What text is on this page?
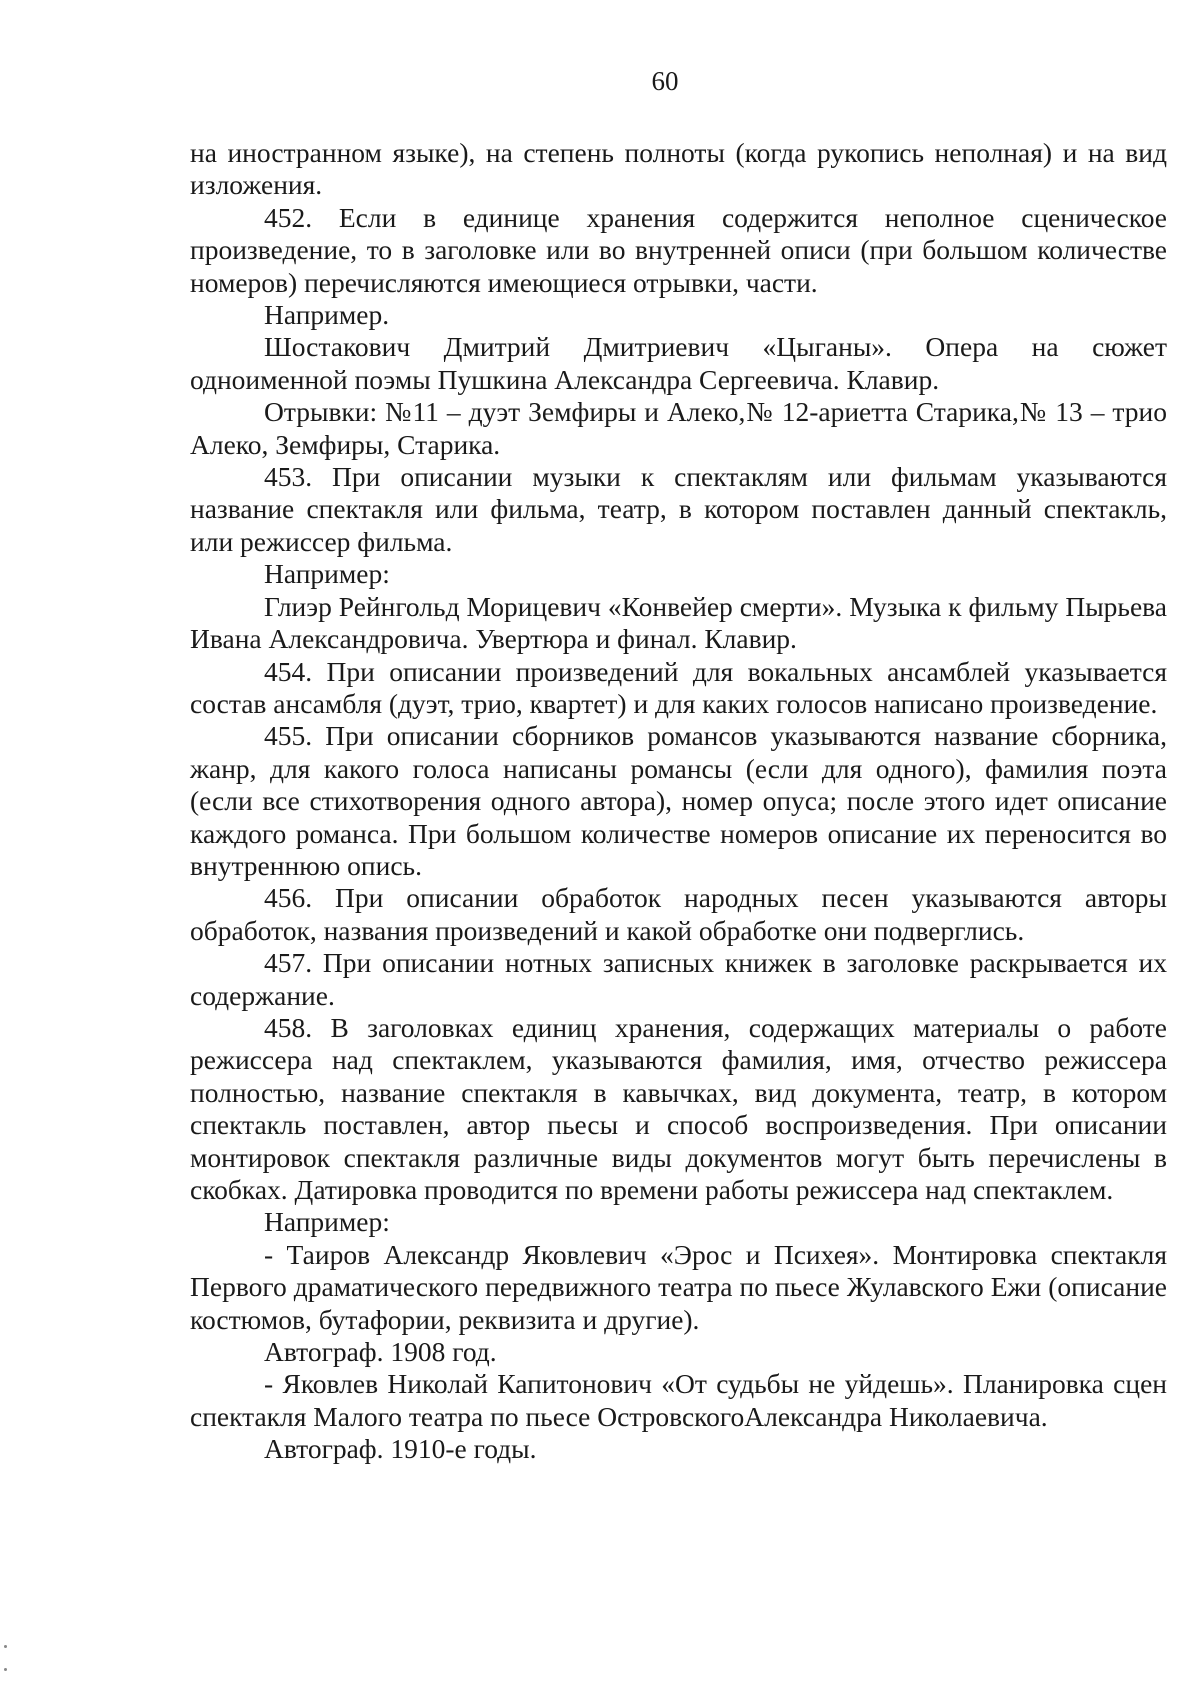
60

на иностранном языке), на степень полноты (когда рукопись неполная) и на вид изложения.

452. Если в единице хранения содержится неполное сценическое произведение, то в заголовке или во внутренней описи (при большом количестве номеров) перечисляются имеющиеся отрывки, части.

Например.

Шостакович Дмитрий Дмитриевич «Цыганы». Опера на сюжет одноименной поэмы Пушкина Александра Сергеевича. Клавир.

Отрывки: №11 – дуэт Земфиры и Алеко,№ 12-ариетта Старика,№ 13 – трио Алеко, Земфиры, Старика.

453. При описании музыки к спектаклям или фильмам указываются название спектакля или фильма, театр, в котором поставлен данный спектакль, или режиссер фильма.

Например:

Глиэр Рейнгольд Морицевич «Конвейер смерти». Музыка к фильму Пырьева Ивана Александровича. Увертюра и финал. Клавир.

454. При описании произведений для вокальных ансамблей указывается состав ансамбля (дуэт, трио, квартет) и для каких голосов написано произведение.

455. При описании сборников романсов указываются название сборника, жанр, для какого голоса написаны романсы (если для одного), фамилия поэта (если все стихотворения одного автора), номер опуса; после этого идет описание каждого романса. При большом количестве номеров описание их переносится во внутреннюю опись.

456. При описании обработок народных песен указываются авторы обработок, названия произведений и какой обработке они подверглись.

457. При описании нотных записных книжек в заголовке раскрывается их содержание.

458. В заголовках единиц хранения, содержащих материалы о работе режиссера над спектаклем, указываются фамилия, имя, отчество режиссера полностью, название спектакля в кавычках, вид документа, театр, в котором спектакль поставлен, автор пьесы и способ воспроизведения. При описании монтировок спектакля различные виды документов могут быть перечислены в скобках. Датировка проводится по времени работы режиссера над спектаклем.

Например:

- Таиров Александр Яковлевич «Эрос и Психея». Монтировка спектакля Первого драматического передвижного театра по пьесе Жулавского Ежи (описание костюмов, бутафории, реквизита и другие).

Автограф. 1908 год.

- Яковлев Николай Капитонович «От судьбы не уйдешь». Планировка сцен спектакля Малого театра по пьесе ОстровскогоАлександра Николаевича.

Автограф. 1910-е годы.
